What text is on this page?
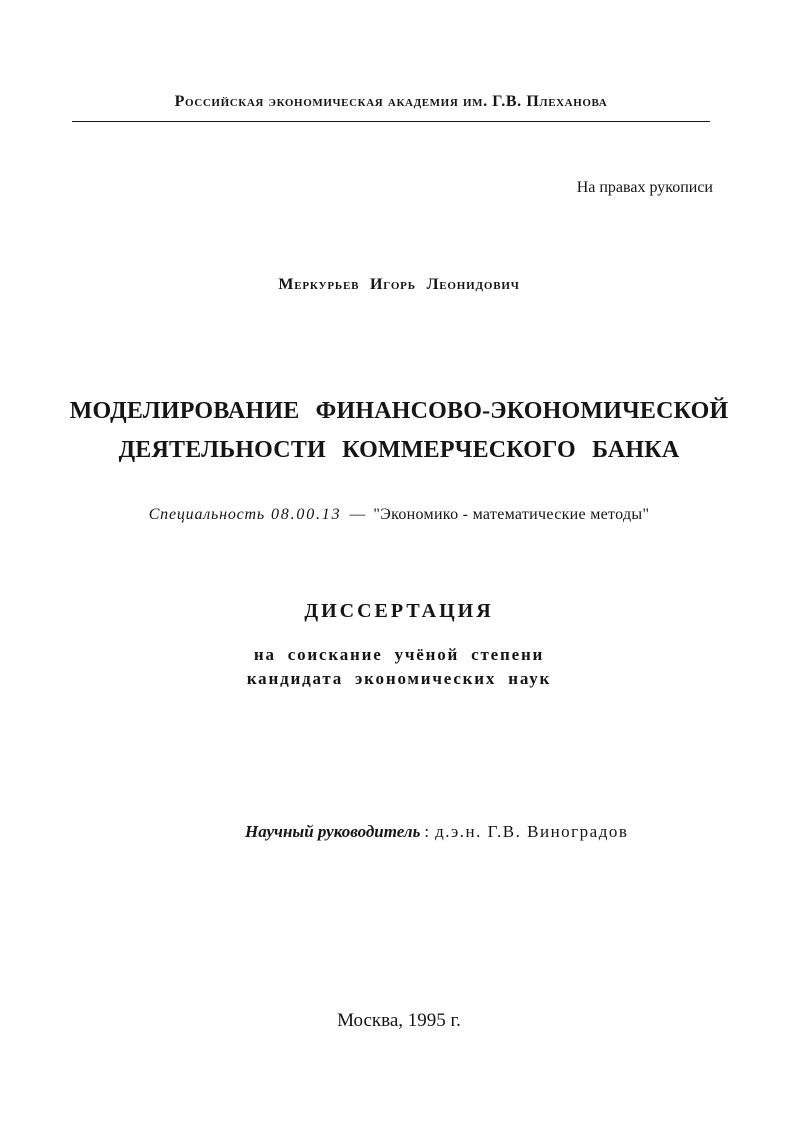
Российская экономическая академия им. Г.В. Плеханова
На правах рукописи
Меркурьев Игорь Леонидович
МОДЕЛИРОВАНИЕ ФИНАНСОВО-ЭКОНОМИЧЕСКОЙ
ДЕЯТЕЛЬНОСТИ КОММЕРЧЕСКОГО БАНКА
Специальность 08.00.13 — "Экономико - математические методы"
ДИССЕРТАЦИЯ
на соискание учёной степени
кандидата экономических наук
Научный руководитель : д.э.н. Г.В. Виноградов
Москва, 1995 г.
